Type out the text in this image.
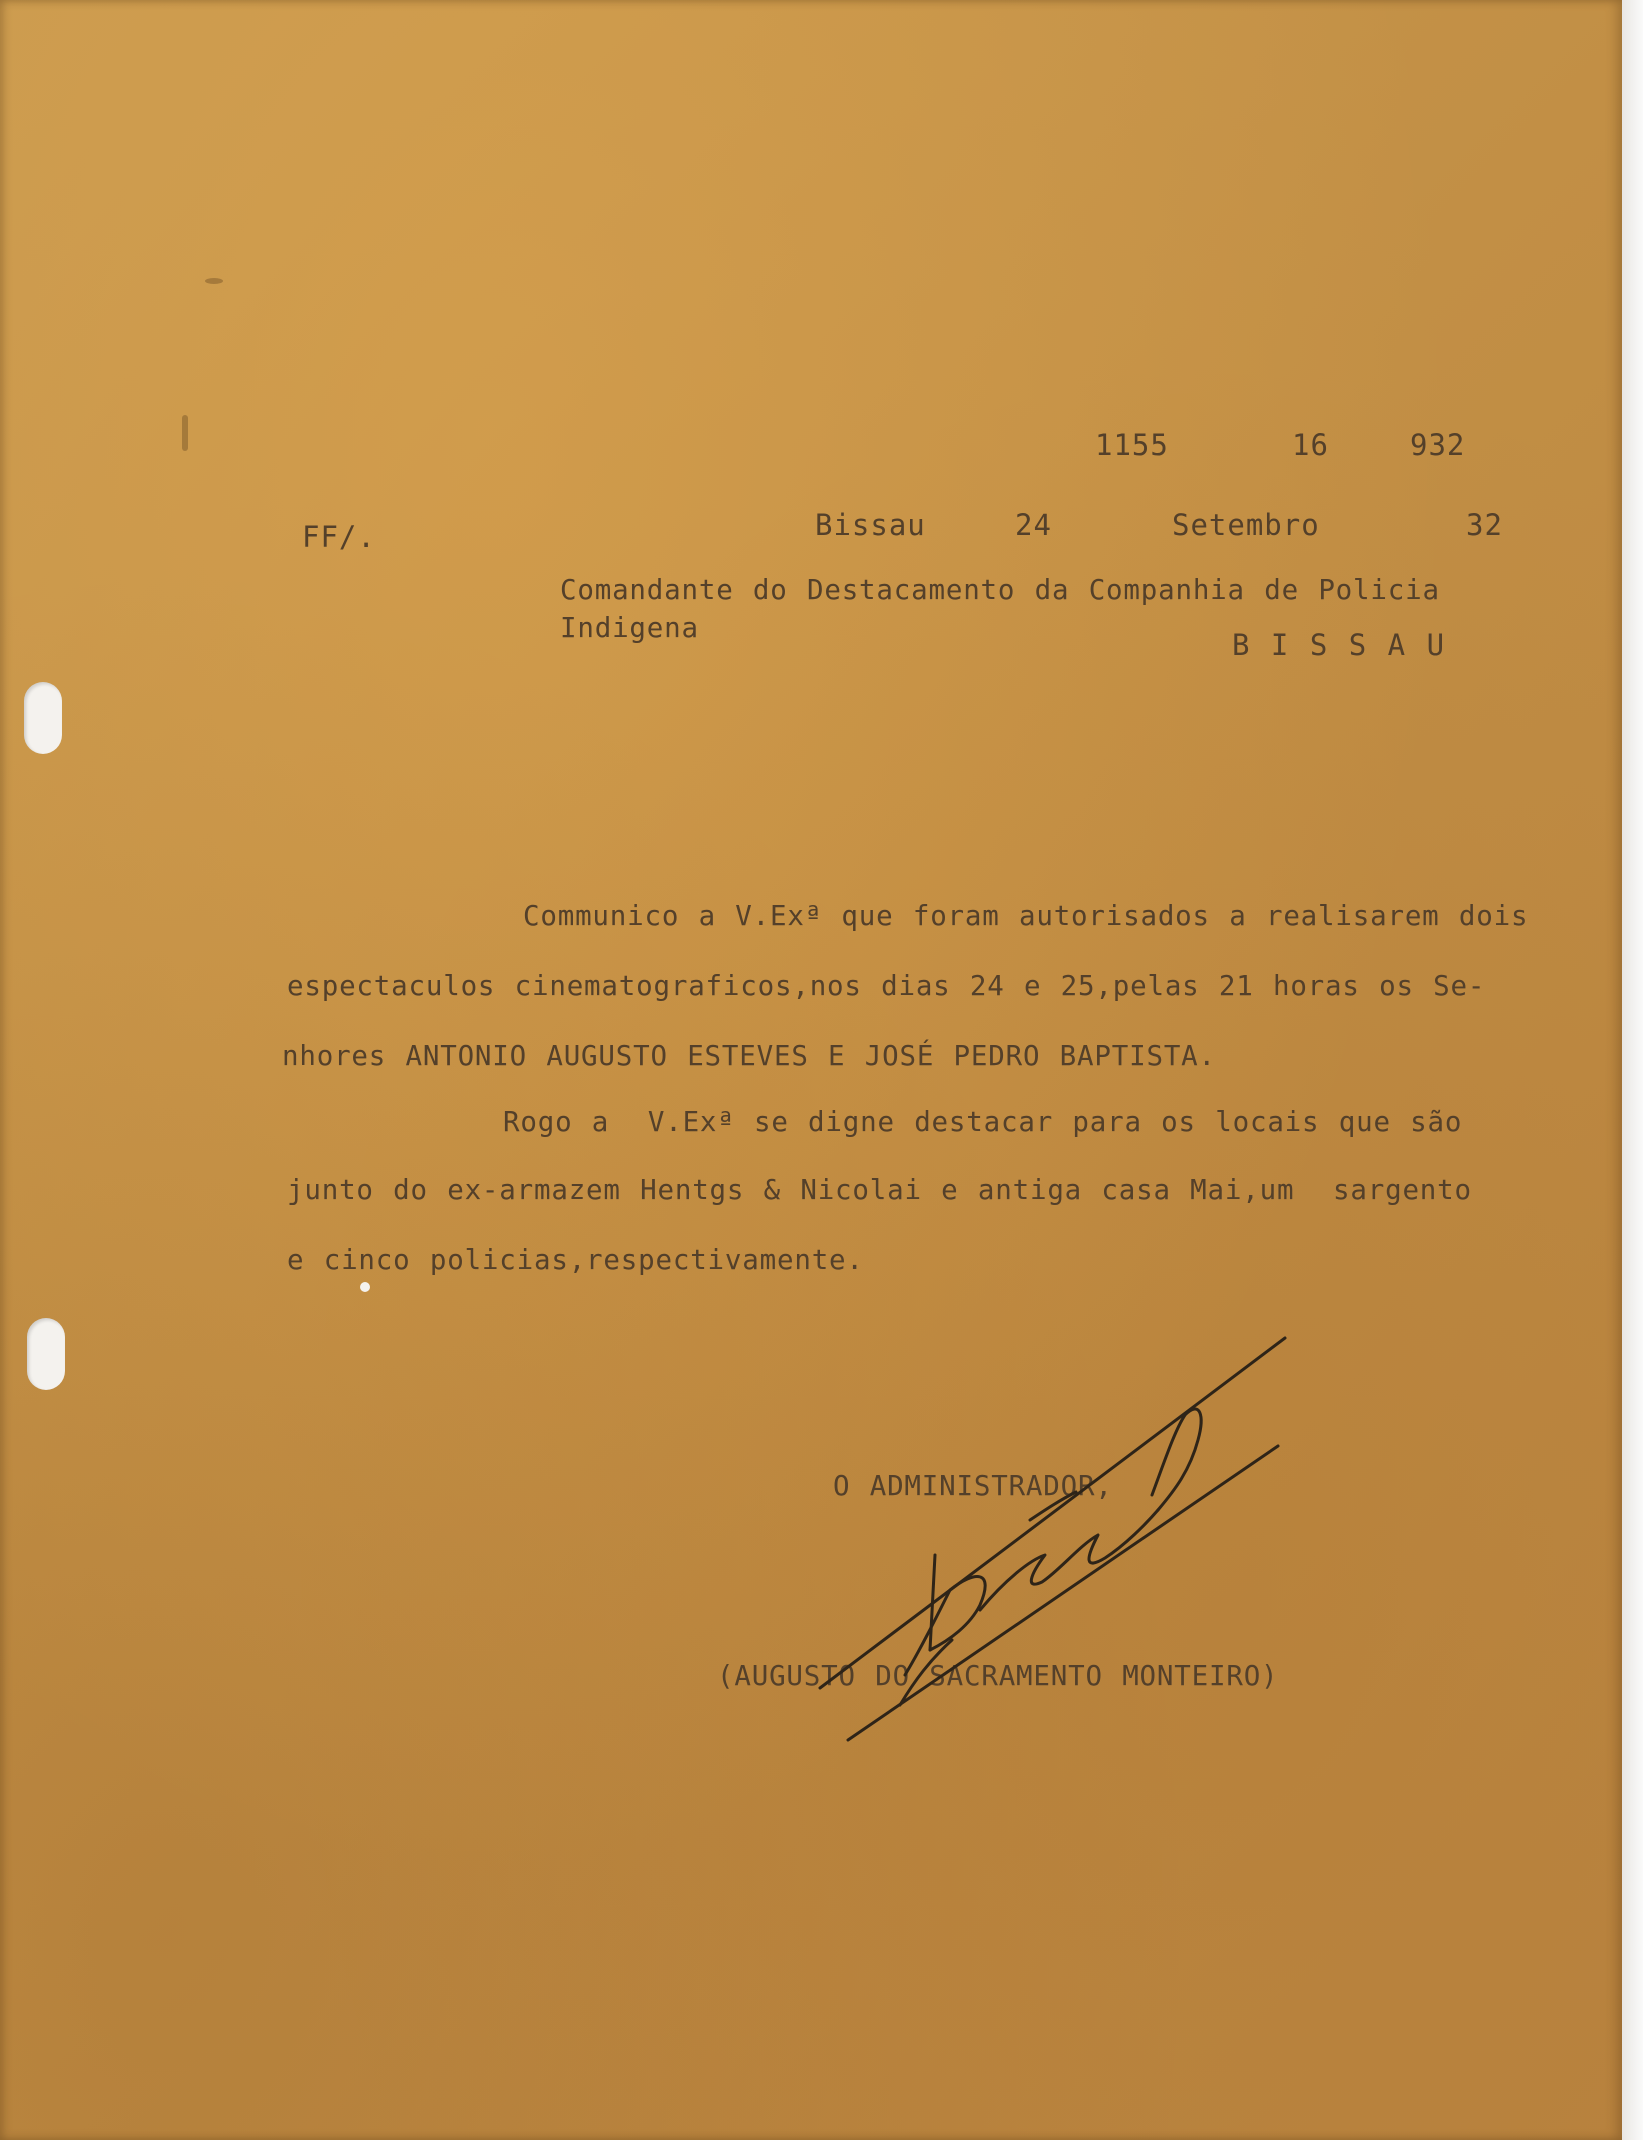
1155	16	932
FF/.	Bissau	24	Setembro	32
Comandante do Destacamento da Companhia de Policia
Indigena	B I S S A U
Communico a V.Exª que foram autorisados a realisarem dois
espectaculos cinematograficos,nos dias 24 e 25,pelas 21 horas os Se-
nhores ANTONIO AUGUSTO ESTEVES E JOSÉ PEDRO BAPTISTA.
Rogo a  V.Exª se digne destacar para os locais que são
junto do ex-armazem Hentgs & Nicolai e antiga casa Mai,um  sargento
e cinco policias,respectivamente.
O ADMINISTRADOR,
(AUGUSTO DO SACRAMENTO MONTEIRO)
